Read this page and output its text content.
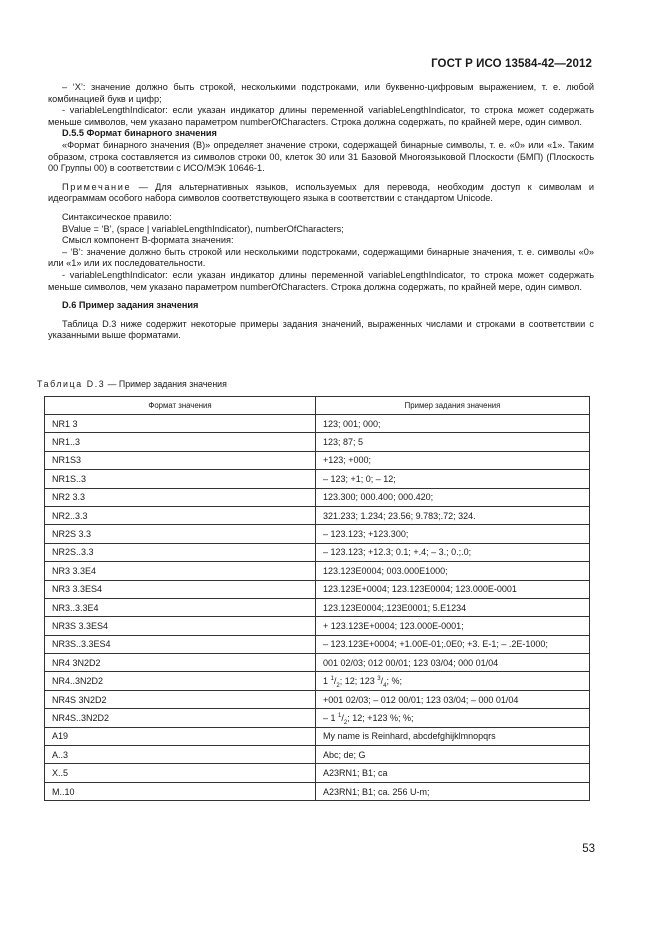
ГОСТ Р ИСО 13584-42—2012

– ‘X’: значение должно быть строкой, несколькими подстроками, или буквенно-цифровым выражением, т. е. любой комбинацией букв и цифр;

- variableLengthIndicator: если указан индикатор длины переменной variableLengthIndicator, то строка может содержать меньше символов, чем указано параметром numberOfCharacters. Строка должна содержать, по крайней мере, один символ.

D.5.5 Формат бинарного значения

«Формат бинарного значения (B)» определяет значение строки, содержащей бинарные символы, т. е. «0» или «1». Таким образом, строка составляется из символов строки 00, клеток 30 или 31 Базовой Многоязыковой Плоскости (БМП) (Плоскость 00 Группы 00) в соответствии с ИСО/МЭК 10646-1.

Примечание — Для альтернативных языков, используемых для перевода, необходим доступ к символам и идеограммам особого набора символов соответствующего языка в соответствии с стандартом Unicode.

Синтаксическое правило:

BValue = ‘B’, (space | variableLengthIndicator), numberOfCharacters;

Смысл компонент B-формата значения:

– ‘B’: значение должно быть строкой или несколькими подстроками, содержащими бинарные значения, т. е. символы «0» или «1» или их последовательности.

- variableLengthIndicator: если указан индикатор длины переменной variableLengthIndicator, то строка может содержать меньше символов, чем указано параметром numberOfCharacters. Строка должна содержать, по крайней мере, один символ.

D.6 Пример задания значения

Таблица D.3 ниже содержит некоторые примеры задания значений, выраженных числами и строками в соответствии с указанными выше форматами.

Таблица D.3 — Пример задания значения
Формат значения	Пример задания значения
NR1 3	123; 001; 000;
NR1..3	123; 87; 5
NR1S3	+123; +000;
NR1S..3	– 123; +1; 0; – 12;
NR2 3.3	123.300; 000.400; 000.420;
NR2..3.3	321.233; 1.234; 23.56; 9.783;.72; 324.
NR2S 3.3	– 123.123; +123.300;
NR2S..3.3	– 123.123; +12.3; 0.1; +.4; – 3.; 0.;.0;
NR3 3.3E4	123.123E0004; 003.000E1000;
NR3 3.3ES4	123.123E+0004; 123.123E0004; 123.000E-0001
NR3..3.3E4	123.123E0004;.123E0001; 5.E1234
NR3S 3.3ES4	+ 123.123E+0004; 123.000E-0001;
NR3S..3.3ES4	– 123.123E+0004; +1.00E-01;.0E0; +3. E-1; – .2E-1000;
NR4 3N2D2	001 02/03; 012 00/01; 123 03/04; 000 01/04
NR4..3N2D2	1 $^1/_2$; 12; 123 $^3/_4$; %;
NR4S 3N2D2	+001 02/03; – 012 00/01; 123 03/04; – 000 01/04
NR4S..3N2D2	– 1 $^1/_2$; 12; +123 %; %;
A19	My name is Reinhard, abcdefghijklmnopqrs
A..3	Abc; de; G
X..5	A23RN1; B1; ca
M..10	A23RN1; B1; ca. 256 U-m;
53
